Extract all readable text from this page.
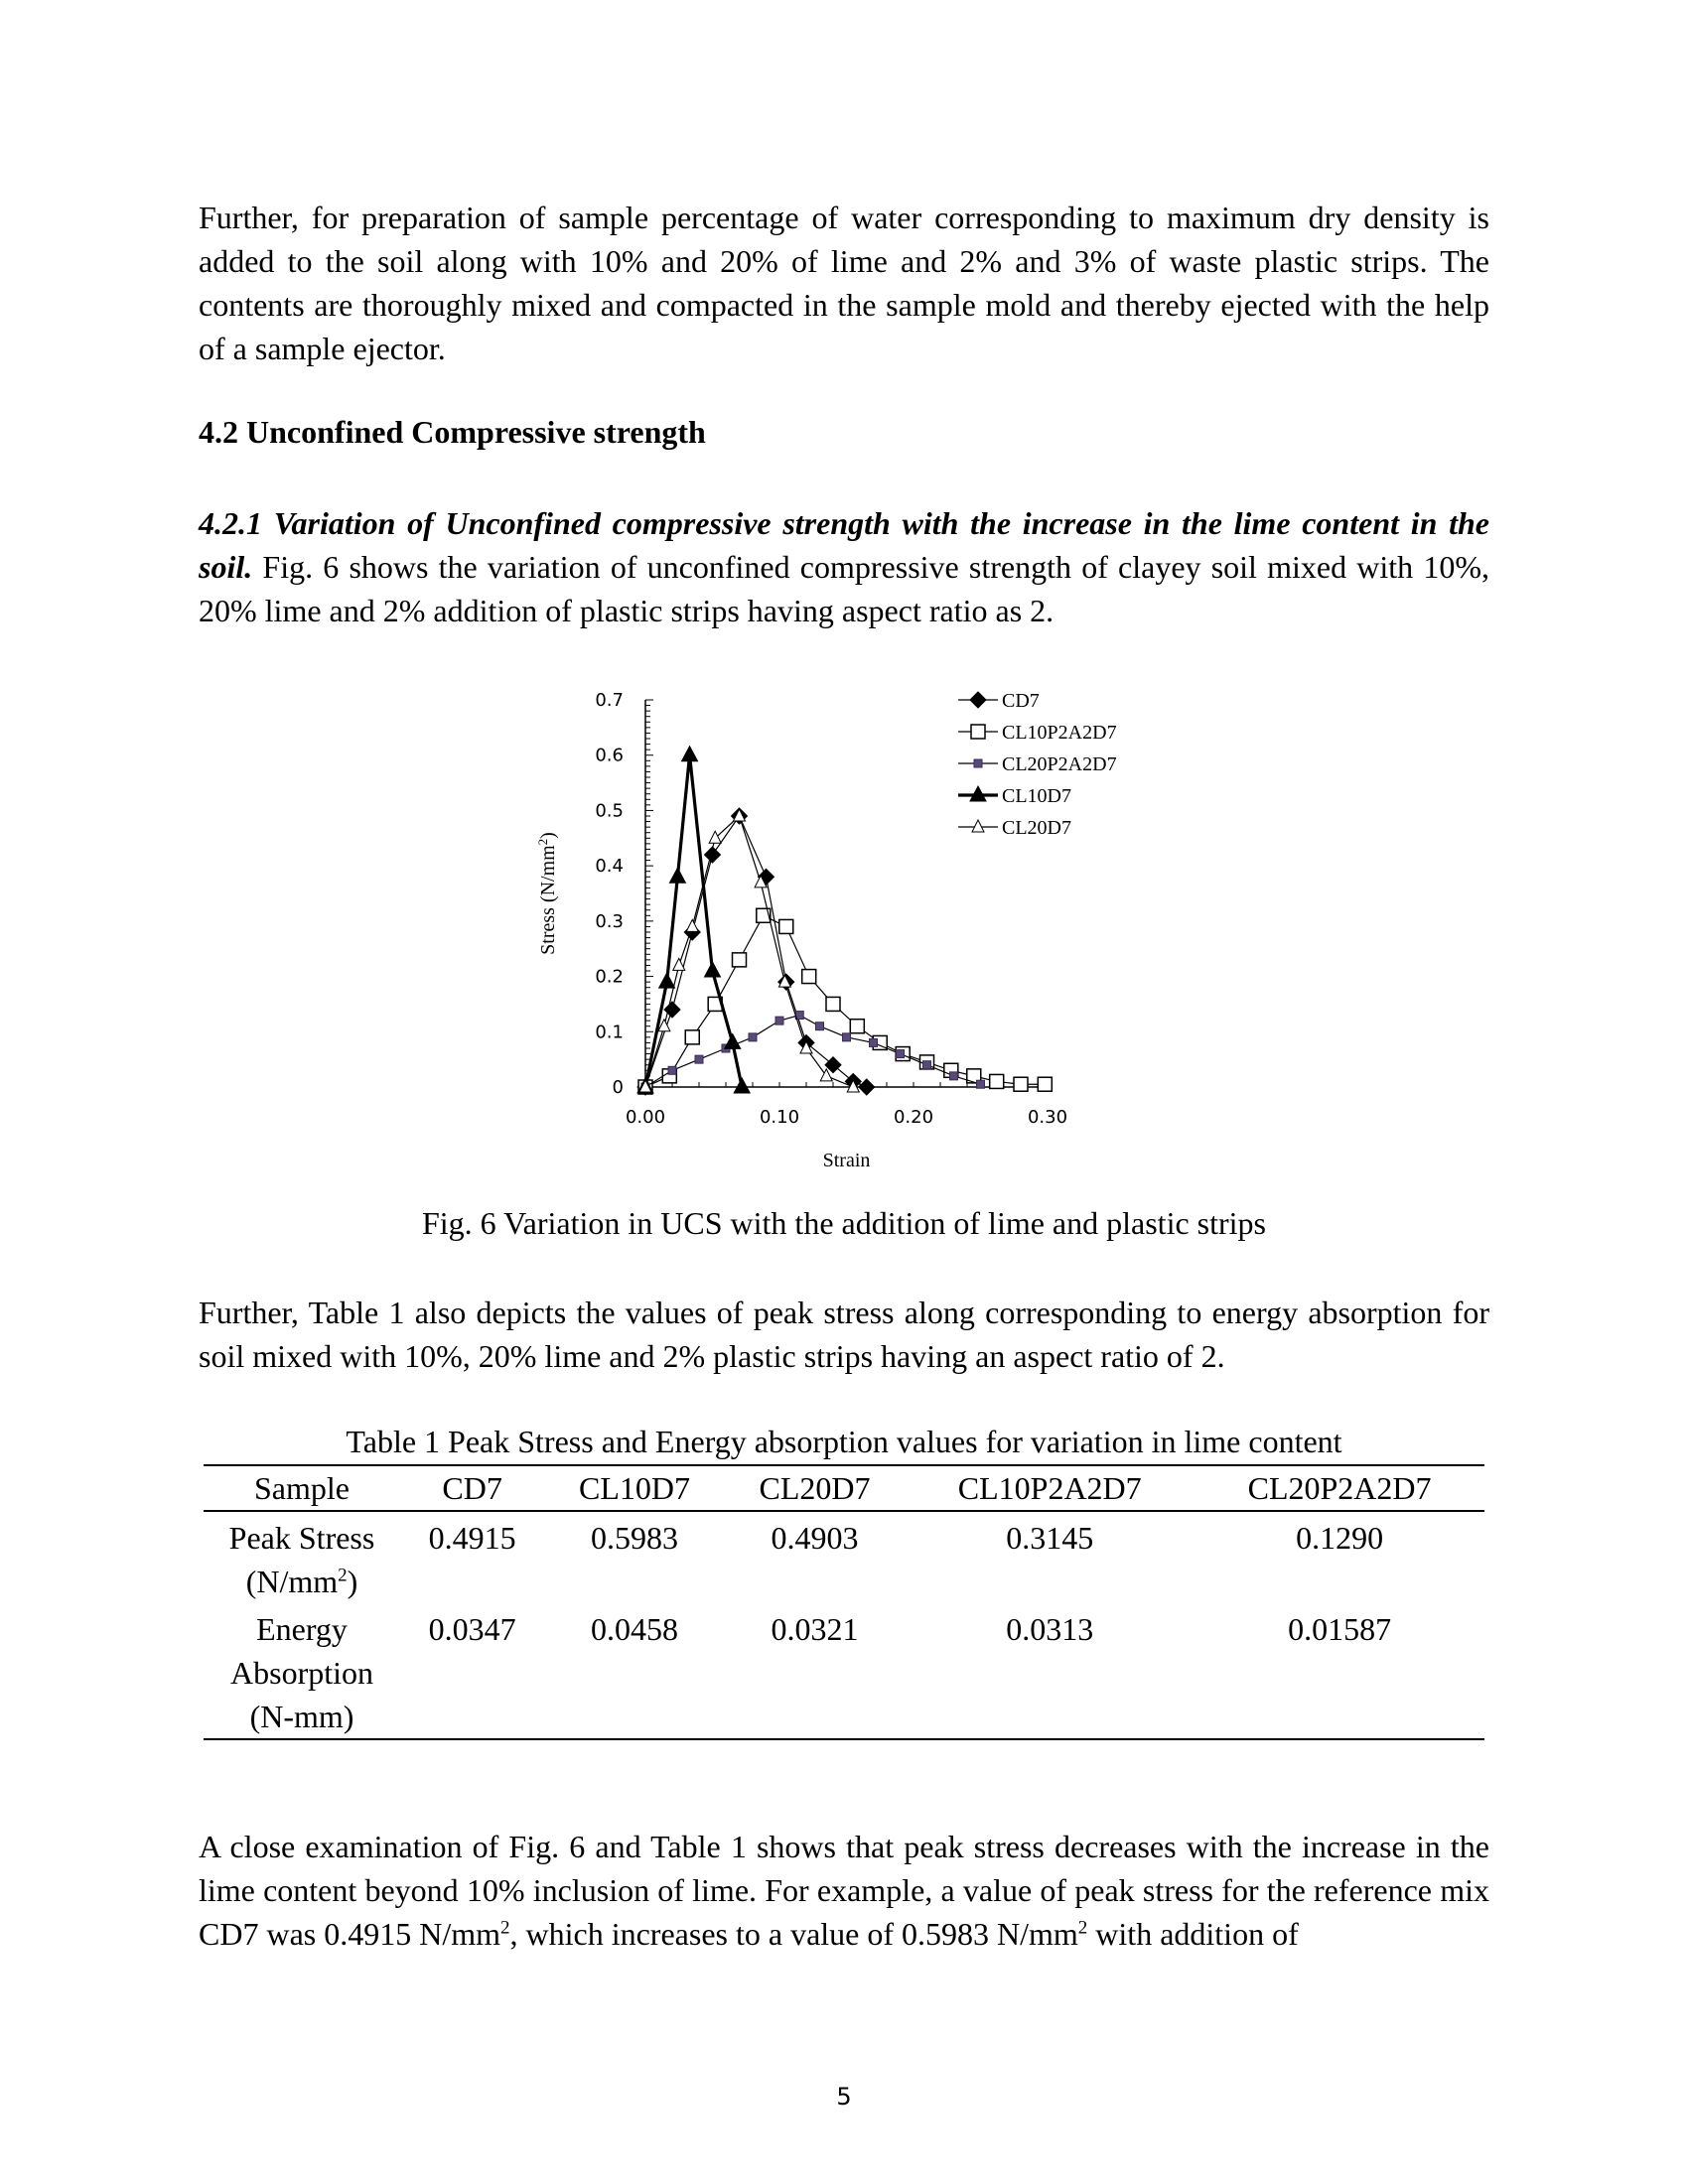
Further, for preparation of sample percentage of water corresponding to maximum dry density is added to the soil along with 10% and 20% of lime and 2% and 3% of waste plastic strips. The contents are thoroughly mixed and compacted in the sample mold and thereby ejected with the help of a sample ejector.

4.2 Unconfined Compressive strength

4.2.1 Variation of Unconfined compressive strength with the increase in the lime content in the soil. Fig. 6 shows the variation of unconfined compressive strength of clayey soil mixed with 10%, 20% lime and 2% addition of plastic strips having aspect ratio as 2.

0
0.1
0.2
0.3
0.4
0.5
0.6
0.7
0.00	0.10	0.20	0.30
Strain
Stress $(N/mm^2)$
CD7
CL10P2A2D7
CL20P2A2D7
CL10D7
CL20D7

Fig. 6 Variation in UCS with the addition of lime and plastic strips

Further, Table 1 also depicts the values of peak stress along corresponding to energy absorption for soil mixed with 10%, 20% lime and 2% plastic strips having an aspect ratio of 2.

Table 1 Peak Stress and Energy absorption values for variation in lime content

Sample	CD7	CL10D7	CL20D7	CL10P2A2D7	CL20P2A2D7
Peak Stress $(N/mm^2)$	0.4915	0.5983	0.4903	0.3145	0.1290
Energy Absorption (N-mm)	0.0347	0.0458	0.0321	0.0313	0.01587

A close examination of Fig. 6 and Table 1 shows that peak stress decreases with the increase in the lime content beyond 10% inclusion of lime. For example, a value of peak stress for the reference mix CD7 was 0.4915 $N/mm^2$, which increases to a value of 0.5983 $N/mm^2$ with addition of

5
